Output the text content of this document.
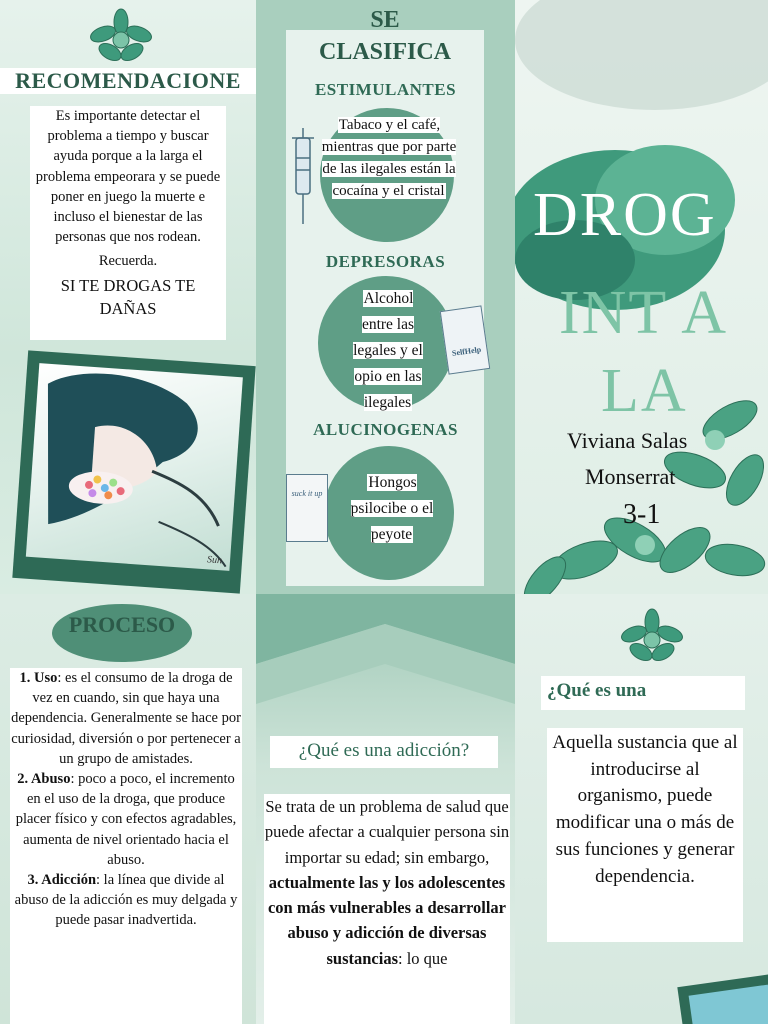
RECOMENDACIONE
Es importante detectar el problema a tiempo y buscar ayuda porque a la larga el problema empeorara y se puede poner en juego la muerte e incluso el bienestar de las personas que nos rodean.
Recuerda.
SI TE DROGAS TE DAÑAS
Sun
SE CLASIFICA
ESTIMULANTES
Tabaco y el café, mientras que por parte de las ilegales están la cocaína y el cristal
DEPRESORAS
Alcohol entre las legales y el opio en las ilegales
SelfHelp
ALUCINOGENAS
Hongos psilocibe o el peyote
suck it up
DROG
INT A
LA
Viviana Salas
Monserrat
3-1
PROCESO
1. Uso: es el consumo de la droga de vez en cuando, sin que haya una dependencia. Generalmente se hace por curiosidad, diversión o por pertenecer a un grupo de amistades.
2. Abuso: poco a poco, el incremento en el uso de la droga, que produce placer físico y con efectos agradables, aumenta de nivel orientado hacia el abuso.
3. Adicción: la línea que divide al abuso de la adicción es muy delgada y puede pasar inadvertida.
¿Qué es una adicción?
Se trata de un problema de salud que puede afectar a cualquier persona sin importar su edad; sin embargo, actualmente las y los adolescentes con más vulnerables a desarrollar abuso y adicción de diversas sustancias: lo que
¿Qué es una
Aquella sustancia que al introducirse al organismo, puede modificar una o más de sus funciones y generar dependencia.
